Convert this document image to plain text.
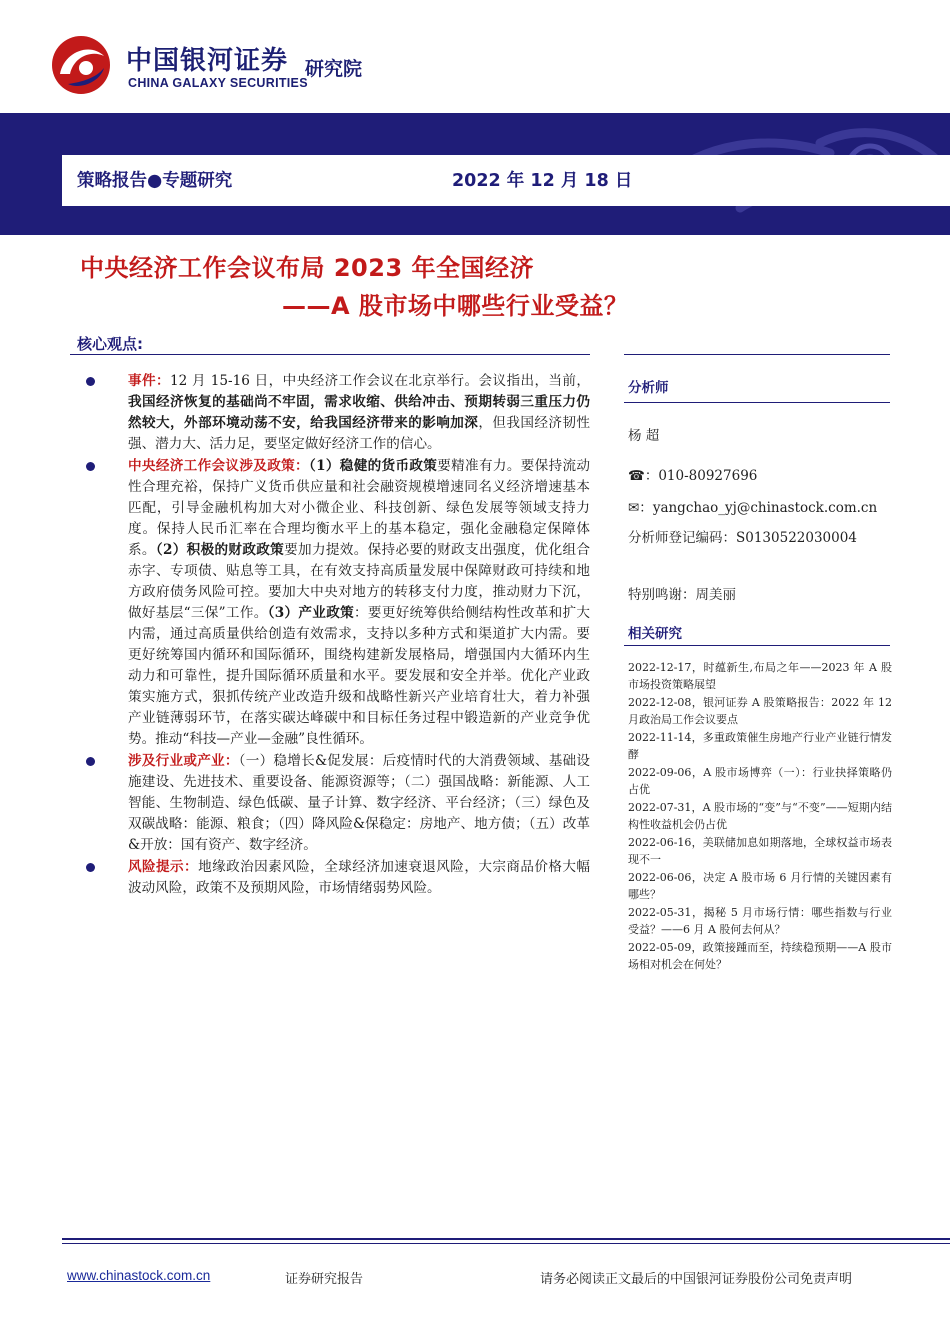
中国银河证券
CHINA GALAXY SECURITIES
研究院
策略报告●专题研究	2022 年 12 月 18 日
中央经济工作会议布局 2023 年全国经济
——A 股市场中哪些行业受益？
核心观点:
事件：12 月 15-16 日，中央经济工作会议在北京举行。会议指出，当前，我国经济恢复的基础尚不牢固，需求收缩、供给冲击、预期转弱三重压力仍然较大，外部环境动荡不安，给我国经济带来的影响加深，但我国经济韧性强、潜力大、活力足，要坚定做好经济工作的信心。
中央经济工作会议涉及政策：（1）稳健的货币政策要精准有力。要保持流动性合理充裕，保持广义货币供应量和社会融资规模增速同名义经济增速基本匹配，引导金融机构加大对小微企业、科技创新、绿色发展等领域支持力度。保持人民币汇率在合理均衡水平上的基本稳定，强化金融稳定保障体系。（2）积极的财政政策要加力提效。保持必要的财政支出强度，优化组合赤字、专项债、贴息等工具，在有效支持高质量发展中保障财政可持续和地方政府债务风险可控。要加大中央对地方的转移支付力度，推动财力下沉，做好基层“三保”工作。（3）产业政策：要更好统筹供给侧结构性改革和扩大内需，通过高质量供给创造有效需求，支持以多种方式和渠道扩大内需。要更好统筹国内循环和国际循环，围绕构建新发展格局，增强国内大循环内生动力和可靠性，提升国际循环质量和水平。要发展和安全并举。优化产业政策实施方式，狠抓传统产业改造升级和战略性新兴产业培育壮大，着力补强产业链薄弱环节，在落实碳达峰碳中和目标任务过程中锻造新的产业竞争优势。推动“科技—产业—金融”良性循环。
涉及行业或产业：（一）稳增长&促发展：后疫情时代的大消费领域、基础设施建设、先进技术、重要设备、能源资源等；（二）强国战略：新能源、人工智能、生物制造、绿色低碳、量子计算、数字经济、平台经济；（三）绿色及双碳战略：能源、粮食；（四）降风险&保稳定：房地产、地方债；（五）改革&开放：国有资产、数字经济。
风险提示：地缘政治因素风险，全球经济加速衰退风险，大宗商品价格大幅波动风险，政策不及预期风险，市场情绪弱势风险。
分析师
杨 超
☎：010-80927696
✉：yangchao_yj@chinastock.com.cn
分析师登记编码：S0130522030004
特别鸣谢：周美丽
相关研究
2022-12-17，时蕴新生,布局之年——2023 年 A 股市场投资策略展望
2022-12-08，银河证券 A 股策略报告：2022 年 12 月政治局工作会议要点
2022-11-14，多重政策催生房地产行业产业链行情发酵
2022-09-06，A 股市场博弈（一）：行业抉择策略仍占优
2022-07-31，A 股市场的“变”与“不变”——短期内结构性收益机会仍占优
2022-06-16，美联储加息如期落地，全球权益市场表现不一
2022-06-06，决定 A 股市场 6 月行情的关键因素有哪些？
2022-05-31，揭秘 5 月市场行情：哪些指数与行业受益？——6 月 A 股何去何从？
2022-05-09，政策接踵而至，持续稳预期——A 股市场相对机会在何处？
www.chinastock.com.cn	证券研究报告	请务必阅读正文最后的中国银河证券股份公司免责声明
